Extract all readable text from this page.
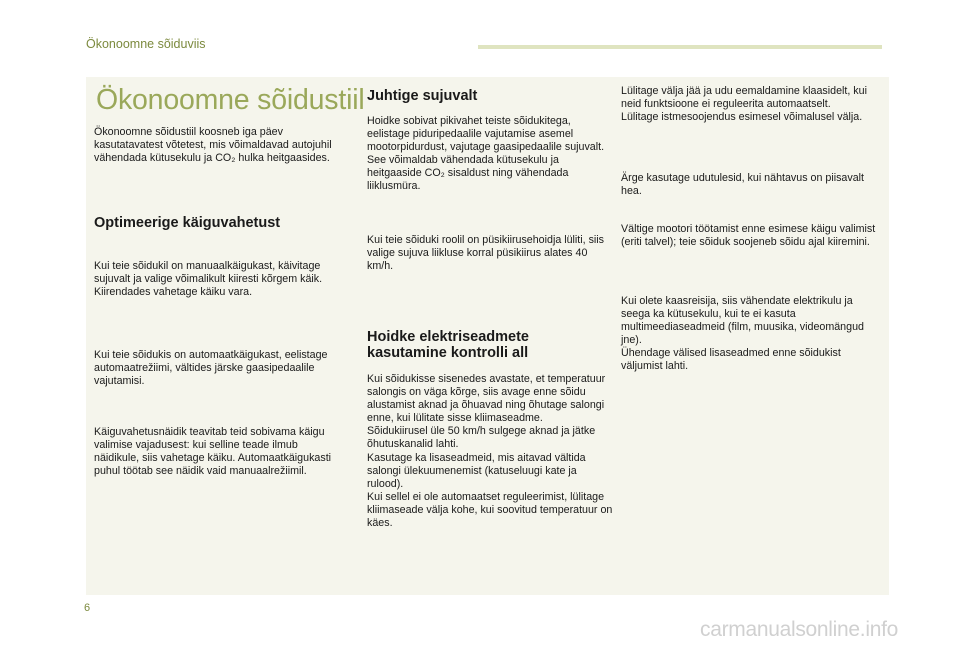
Ökonoomne sõiduviis
Ökonoomne sõidustiil

Ökonoomne sõidustiil koosneb iga päev kasutatavatest võtetest, mis võimaldavad autojuhil vähendada kütusekulu ja CO₂ hulka heitgaasides.

Optimeerige käiguvahetust

Kui teie sõidukil on manuaalkäigukast, käivitage sujuvalt ja valige võimalikult kiiresti kõrgem käik. Kiirendades vahetage käiku vara.

Kui teie sõidukis on automaatkäigukast, eelistage automaatrežiimi, vältides järske gaasipedaalile vajutamisi.

Käiguvahetusnäidik teavitab teid sobivama käigu valimise vajadusest: kui selline teade ilmub näidikule, siis vahetage käiku. Automaatkäigukasti puhul töötab see näidik vaid manuaalrežiimil.

Juhtige sujuvalt

Hoidke sobivat pikivahet teiste sõidukitega, eelistage piduripedaalile vajutamise asemel mootorpidurdust, vajutage gaasipedaalile sujuvalt. See võimaldab vähendada kütusekulu ja heitgaaside CO₂ sisaldust ning vähendada liiklusmüra.

Kui teie sõiduki roolil on püsikiirusehoidja lüliti, siis valige sujuva liikluse korral püsikiirus alates 40 km/h.

Hoidke elektriseadmete
kasutamine kontrolli all

Kui sõidukisse sisenedes avastate, et temperatuur salongis on väga kõrge, siis avage enne sõidu alustamist aknad ja õhuavad ning õhutage salongi enne, kui lülitate sisse kliimaseadme.
Sõidukiirusel üle 50 km/h sulgege aknad ja jätke õhutuskanalid lahti.
Kasutage ka lisaseadmeid, mis aitavad vältida salongi ülekuumenemist (katuseluugi kate ja rulood).
Kui sellel ei ole automaatset reguleerimist, lülitage kliimaseade välja kohe, kui soovitud temperatuur on käes.

Lülitage välja jää ja udu eemaldamine klaasidelt, kui neid funktsioone ei reguleerita automaatselt.
Lülitage istmesoojendus esimesel võimalusel välja.

Ärge kasutage udutulesid, kui nähtavus on piisavalt hea.

Vältige mootori töötamist enne esimese käigu valimist (eriti talvel); teie sõiduk soojeneb sõidu ajal kiiremini.

Kui olete kaasreisija, siis vähendate elektrikulu ja seega ka kütusekulu, kui te ei kasuta multimeediaseadmeid (film, muusika, videomängud jne).
Ühendage välised lisaseadmed enne sõidukist väljumist lahti.

6
carmanualsonline.info
